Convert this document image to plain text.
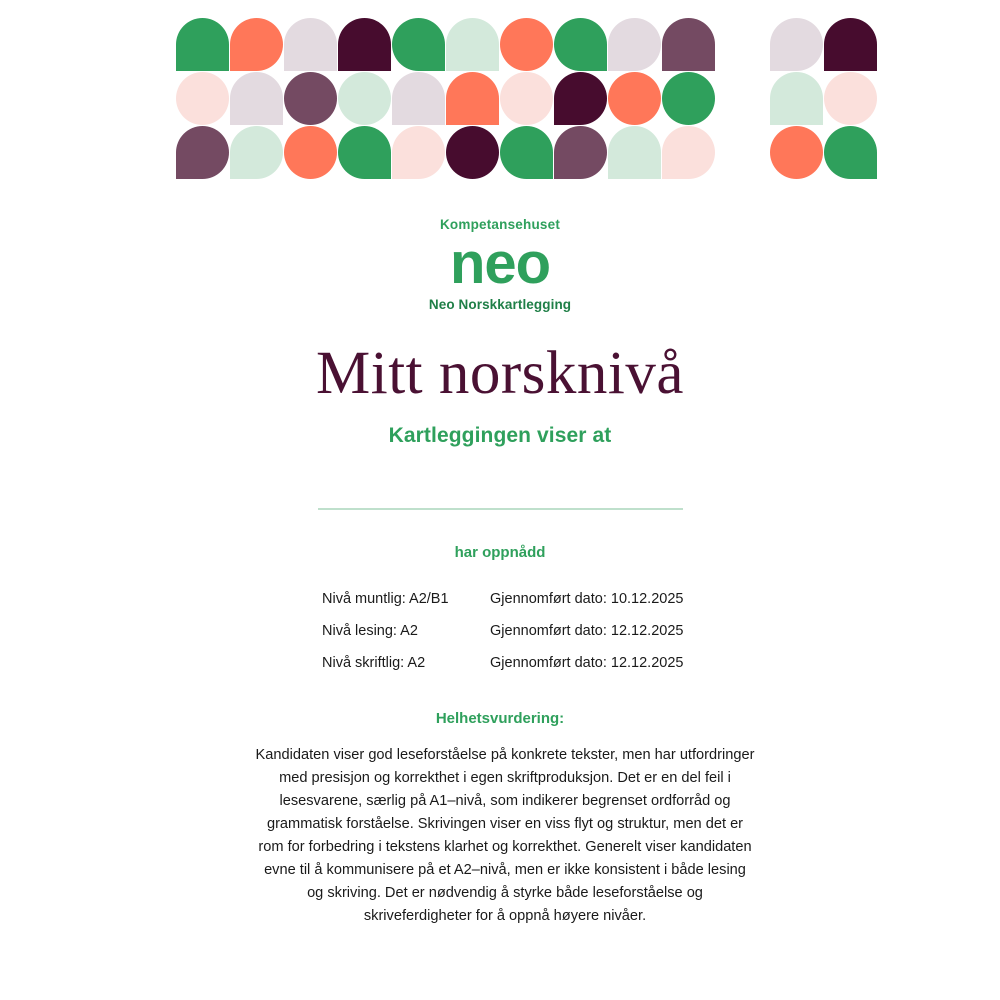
Kompetansehuset
neo
Neo Norskkartlegging
Mitt norsknivå
Kartleggingen viser at
har oppnådd
Nivå muntlig: A2/B1	Gjennomført dato: 10.12.2025
Nivå lesing: A2	Gjennomført dato: 12.12.2025
Nivå skriftlig: A2	Gjennomført dato: 12.12.2025
Helhetsvurdering:
Kandidaten viser god leseforståelse på konkrete tekster, men har utfordringer med presisjon og korrekthet i egen skriftproduksjon. Det er en del feil i lesesvarene, særlig på A1–nivå, som indikerer begrenset ordforråd og grammatisk forståelse. Skrivingen viser en viss flyt og struktur, men det er rom for forbedring i tekstens klarhet og korrekthet. Generelt viser kandidaten evne til å kommunisere på et A2–nivå, men er ikke konsistent i både lesing og skriving. Det er nødvendig å styrke både leseforståelse og skriveferdigheter for å oppnå høyere nivåer.
